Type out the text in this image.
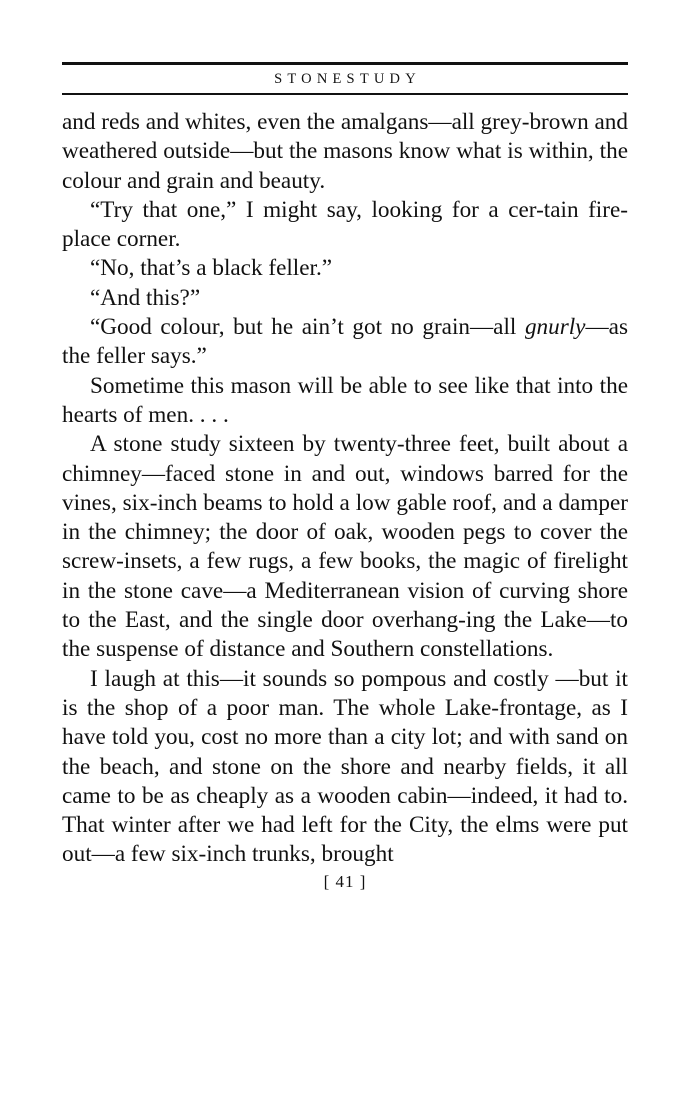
STONESTUDY

and reds and whites, even the amalgans—all grey-brown and weathered outside—but the masons know what is within, the colour and grain and beauty.

“Try that one,” I might say, looking for a cer-tain fire-place corner.

“No, that’s a black feller.”

“And this?”

“Good colour, but he ain’t got no grain—all gnurly—as the feller says.”

Sometime this mason will be able to see like that into the hearts of men. . . .

A stone study sixteen by twenty-three feet, built about a chimney—faced stone in and out, windows barred for the vines, six-inch beams to hold a low gable roof, and a damper in the chimney; the door of oak, wooden pegs to cover the screw-insets, a few rugs, a few books, the magic of firelight in the stone cave—a Mediterranean vision of curving shore to the East, and the single door overhang-ing the Lake—to the suspense of distance and Southern constellations.

I laugh at this—it sounds so pompous and costly —but it is the shop of a poor man. The whole Lake-frontage, as I have told you, cost no more than a city lot; and with sand on the beach, and stone on the shore and nearby fields, it all came to be as cheaply as a wooden cabin—indeed, it had to. That winter after we had left for the City, the elms were put out—a few six-inch trunks, brought

[ 41 ]
